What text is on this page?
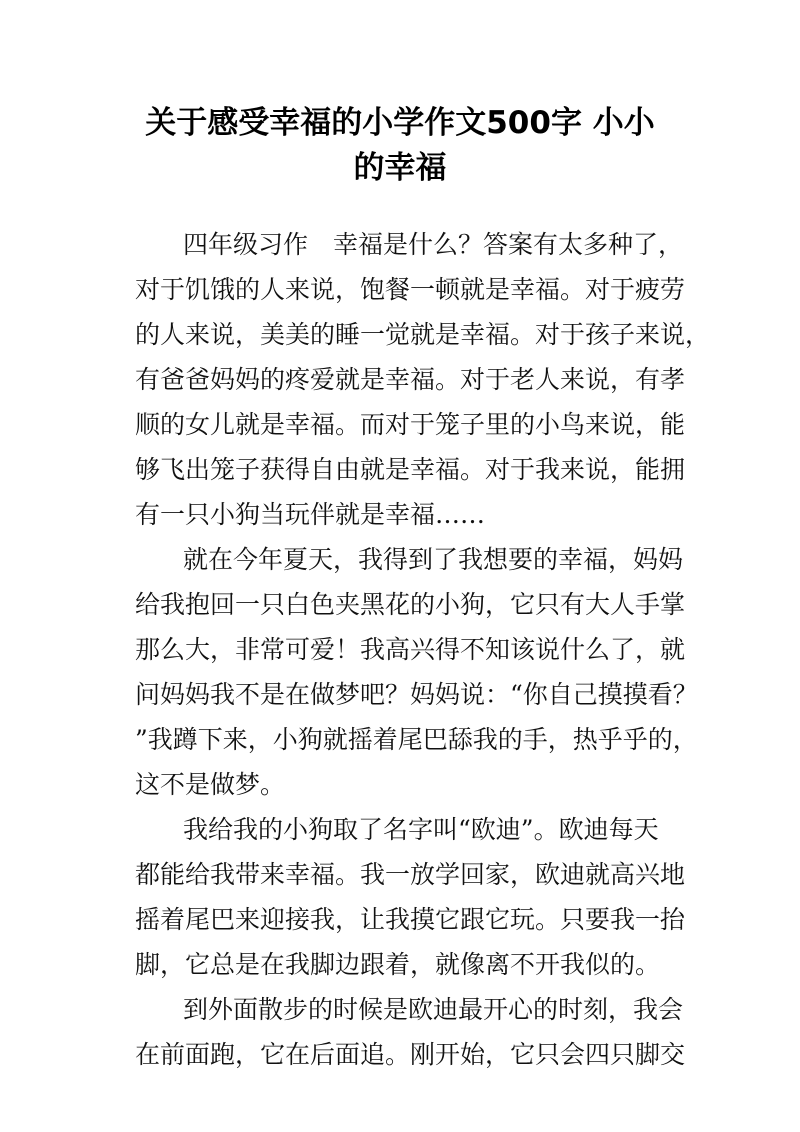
关于感受幸福的小学作文500字 小小
的幸福
四年级习作　幸福是什么？答案有太多种了，
对于饥饿的人来说，饱餐一顿就是幸福。对于疲劳
的人来说，美美的睡一觉就是幸福。对于孩子来说，
有爸爸妈妈的疼爱就是幸福。对于老人来说，有孝
顺的女儿就是幸福。而对于笼子里的小鸟来说，能
够飞出笼子获得自由就是幸福。对于我来说，能拥
有一只小狗当玩伴就是幸福……
就在今年夏天，我得到了我想要的幸福，妈妈
给我抱回一只白色夹黑花的小狗，它只有大人手掌
那么大，非常可爱！我高兴得不知该说什么了，就
问妈妈我不是在做梦吧？妈妈说：“你自己摸摸看？
”我蹲下来，小狗就摇着尾巴舔我的手，热乎乎的，
这不是做梦。
我给我的小狗取了名字叫“欧迪”。欧迪每天
都能给我带来幸福。我一放学回家，欧迪就高兴地
摇着尾巴来迎接我，让我摸它跟它玩。只要我一抬
脚，它总是在我脚边跟着，就像离不开我似的。
到外面散步的时候是欧迪最开心的时刻，我会
在前面跑，它在后面追。刚开始，它只会四只脚交
